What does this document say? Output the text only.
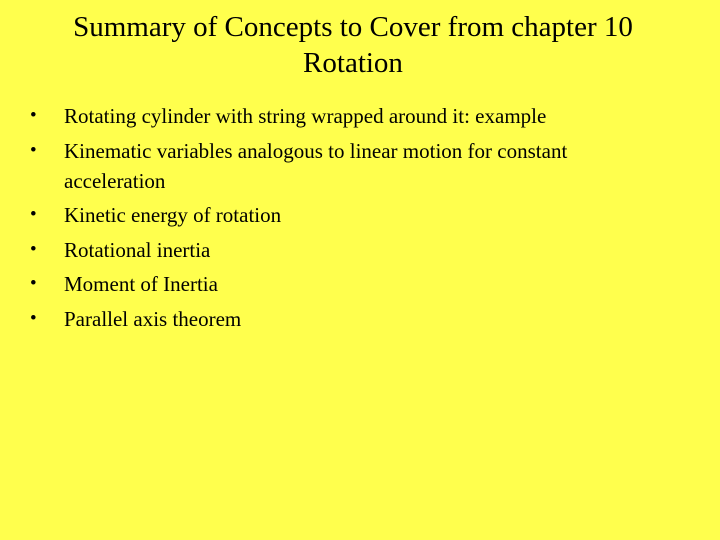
Summary of Concepts to Cover from chapter 10
Rotation
•	Rotating cylinder with string wrapped around it: example
•	Kinematic variables analogous to linear motion for constant
acceleration
•	Kinetic energy of rotation
•	Rotational inertia
•	Moment of Inertia
•	Parallel axis theorem
